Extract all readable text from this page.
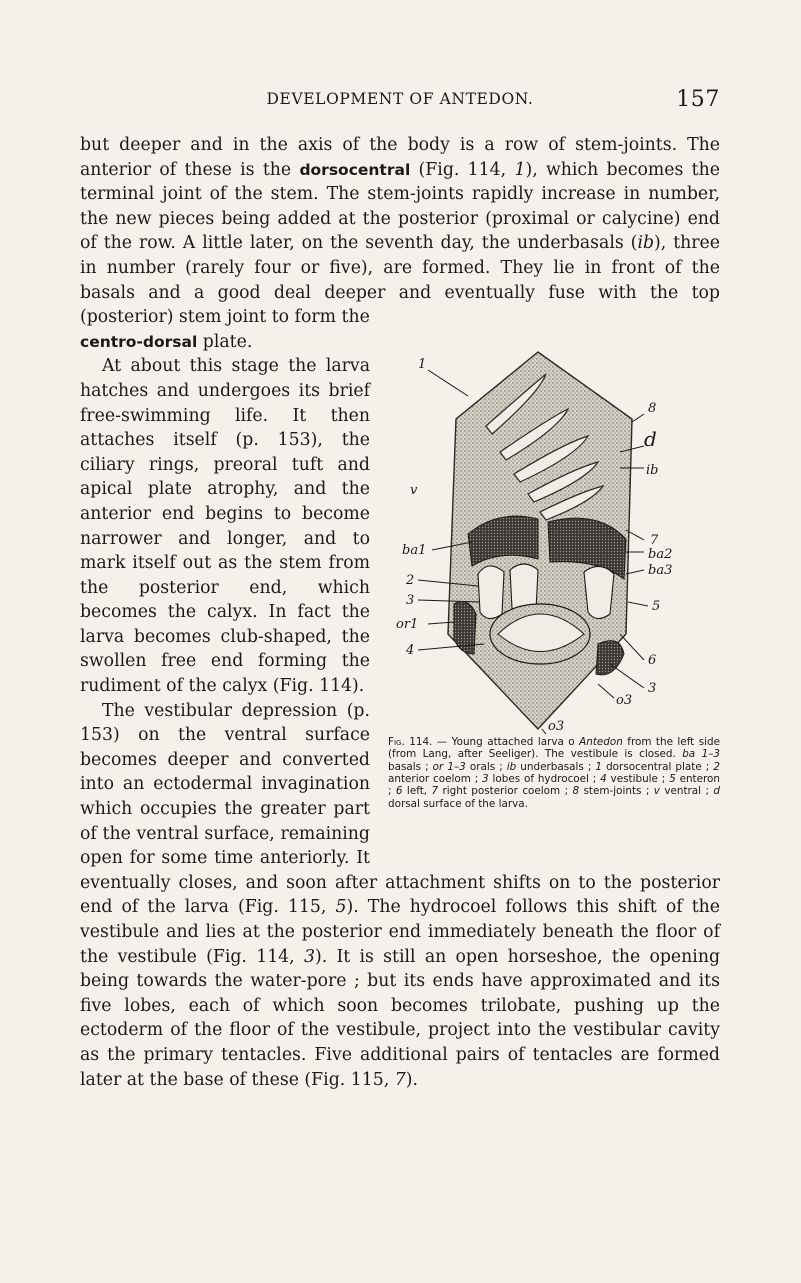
DEVELOPMENT OF ANTEDON.	157

but deeper and in the axis of the body is a row of stem-joints. The anterior of these is the dorsocentral (Fig. 114, 1), which becomes the terminal joint of the stem. The stem-joints rapidly increase in number, the new pieces being added at the posterior (proximal or calycine) end of the row. A little later, on the seventh day, the underbasals (ib), three in number (rarely four or five), are formed. They lie in front of the basals and a good deal deeper and eventually fuse with the top (posterior) stem joint to form the

1
v
ba1
2
3
or1
4
8
d
ib
7
ba2
ba3
5
6
3
o3
o3
Fig. 114. — Young attached larva o Antedon from the left side (from Lang, after Seeliger). The vestibule is closed. ba 1–3 basals ; or 1–3 orals ; ib underbasals ; 1 dorsocentral plate ; 2 anterior coelom ; 3 lobes of hydrocoel ; 4 vestibule ; 5 enteron ; 6 left, 7 right posterior coelom ; 8 stem-joints ; v ventral ; d dorsal surface of the larva.
centro-dorsal plate.

At about this stage the larva hatches and undergoes its brief free-swimming life. It then attaches itself (p. 153), the ciliary rings, preoral tuft and apical plate atrophy, and the anterior end begins to become narrower and longer, and to mark itself out as the stem from the posterior end, which becomes the calyx. In fact the larva becomes club-shaped, the swollen free end forming the rudiment of the calyx (Fig. 114).

The vestibular depression (p. 153) on the ventral surface becomes deeper and converted into an ectodermal invagination which occupies the greater part of the ventral surface, remaining open for some time anteriorly. It eventually closes, and soon after attachment shifts on to the posterior end of the larva (Fig. 115, 5). The hydrocoel follows this shift of the vestibule and lies at the posterior end immediately beneath the floor of the vestibule (Fig. 114, 3). It is still an open horseshoe, the opening being towards the water-pore ; but its ends have approximated and its five lobes, each of which soon becomes trilobate, pushing up the ectoderm of the floor of the vestibule, project into the vestibular cavity as the primary tentacles. Five additional pairs of tentacles are formed later at the base of these (Fig. 115, 7).
